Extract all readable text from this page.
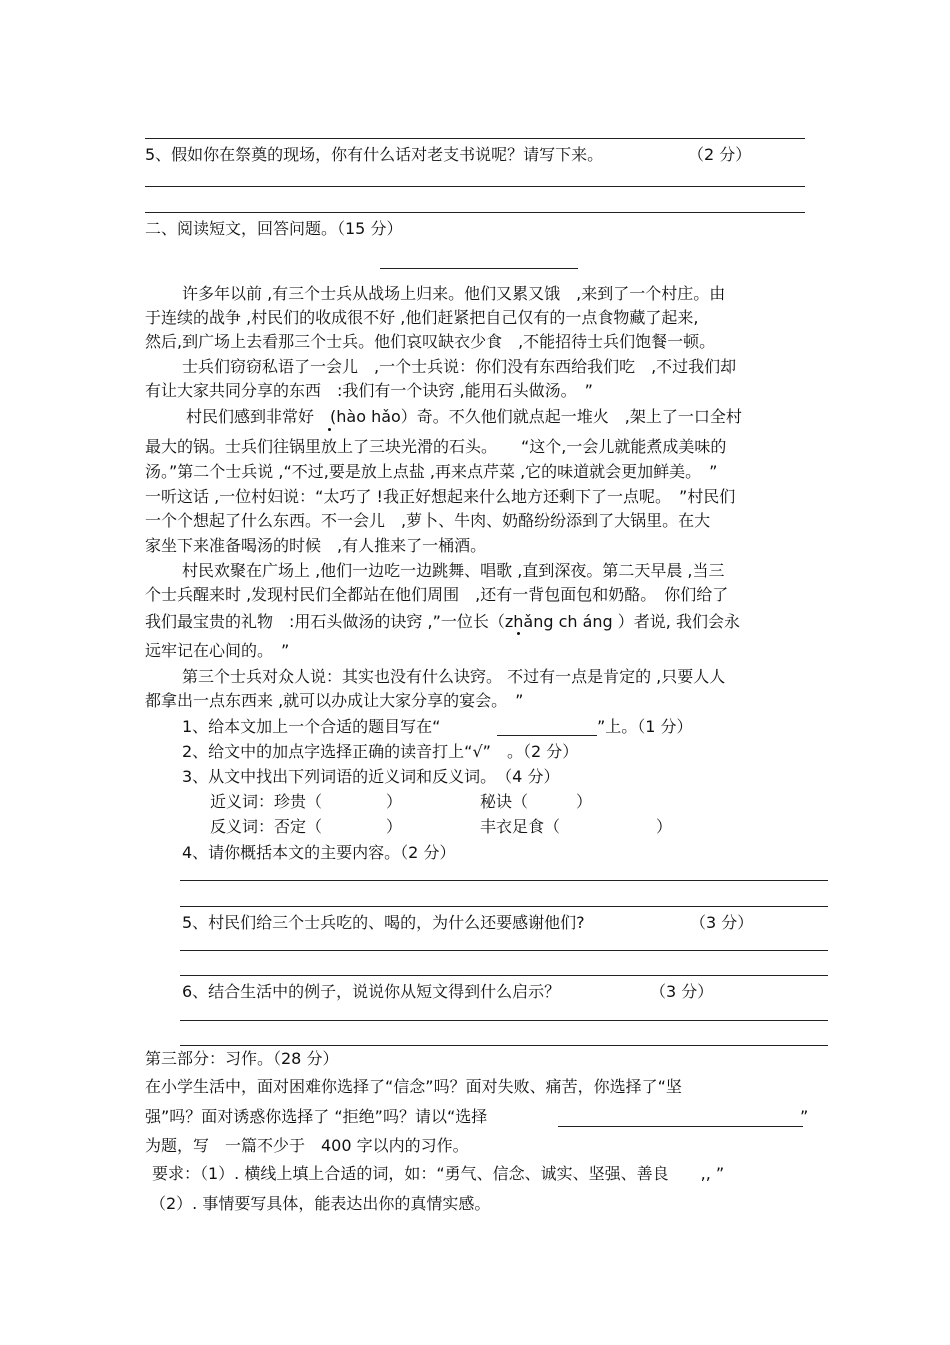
5、假如你在祭奠的现场，你有什么话对老支书说呢？请写下来。	（2 分）
二、阅读短文，回答问题。（15 分）
许多年以前 ,有三个士兵从战场上归来。他们又累又饿　,来到了一个村庄。由
于连续的战争 ,村民们的收成很不好 ,他们赶紧把自己仅有的一点食物藏了起来,
然后,到广场上去看那三个士兵。他们哀叹缺衣少食　,不能招待士兵们饱餐一顿。
士兵们窃窃私语了一会儿　,一个士兵说：你们没有东西给我们吃　,不过我们却
有让大家共同分享的东西　:我们有一个诀窍 ,能用石头做汤。　”
村民们感到非常好　(hào hǎo）奇。不久他们就点起一堆火　,架上了一口全村
最大的锅。士兵们往锅里放上了三块光滑的石头。　　“这个,一会儿就能煮成美味的
汤。”第二个士兵说 ,“不过,要是放上点盐 ,再来点芹菜 ,它的味道就会更加鲜美。　”
一听这话 ,一位村妇说：“太巧了 !我正好想起来什么地方还剩下了一点呢。　”村民们
一个个想起了什么东西。不一会儿　,萝卜、牛肉、奶酪纷纷添到了大锅里。在大
家坐下来准备喝汤的时候　,有人推来了一桶酒。
村民欢聚在广场上 ,他们一边吃一边跳舞、唱歌 ,直到深夜。第二天早晨 ,当三
个士兵醒来时 ,发现村民们全都站在他们周围　,还有一背包面包和奶酪。　你们给了
我们最宝贵的礼物　:用石头做汤的诀窍 ,”一位长（zhǎng ch áng ）者说, 我们会永
远牢记在心间的。　”
第三个士兵对众人说：其实也没有什么诀窍。 不过有一点是肯定的 ,只要人人
都拿出一点东西来 ,就可以办成让大家分享的宴会。　”
1、给本文加上一个合适的题目写在“	”上。（1 分）
2、给文中的加点字选择正确的读音打上“√”　。（2 分）
3、从文中找出下列词语的近义词和反义词。　（4 分）
近义词：珍贵（　　　　）	秘诀（　　　）
反义词：否定（　　　　）	丰衣足食（　　　　　　）
4、请你概括本文的主要内容。（2 分）
5、村民们给三个士兵吃的、喝的，为什么还要感谢他们?	（3 分）
6、结合生活中的例子，说说你从短文得到什么启示？	（3 分）
第三部分：习作。（28 分）
在小学生活中，面对困难你选择了“信念”吗？面对失败、痛苦，你选择了“坚
强”吗？面对诱惑你选择了 “拒绝”吗？请以“选择	”
为题，写　一篇不少于　400 字以内的习作。
要求：（1）. 横线上填上合适的词，如：“勇气、信念、诚实、坚强、善良　　,, ”
（2）. 事情要写具体，能表达出你的真情实感。
